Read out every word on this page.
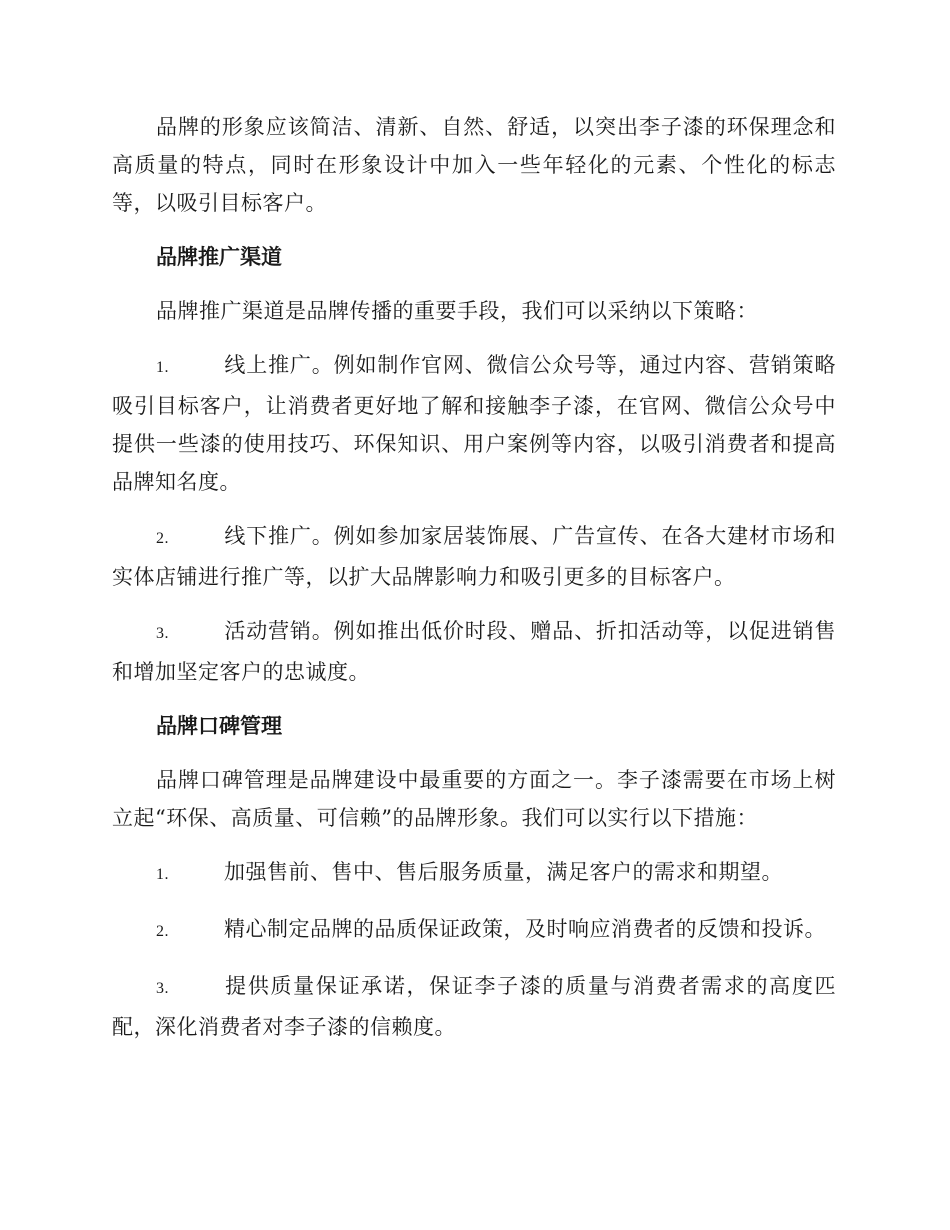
品牌的形象应该简洁、清新、自然、舒适，以突出李子漆的环保理念和高质量的特点，同时在形象设计中加入一些年轻化的元素、个性化的标志等，以吸引目标客户。

品牌推广渠道

品牌推广渠道是品牌传播的重要手段，我们可以采纳以下策略：

1.	线上推广。例如制作官网、微信公众号等，通过内容、营销策略吸引目标客户，让消费者更好地了解和接触李子漆，在官网、微信公众号中提供一些漆的使用技巧、环保知识、用户案例等内容，以吸引消费者和提高品牌知名度。

2.	线下推广。例如参加家居装饰展、广告宣传、在各大建材市场和实体店铺进行推广等，以扩大品牌影响力和吸引更多的目标客户。

3.	活动营销。例如推出低价时段、赠品、折扣活动等，以促进销售和增加坚定客户的忠诚度。

品牌口碑管理

品牌口碑管理是品牌建设中最重要的方面之一。李子漆需要在市场上树立起“环保、高质量、可信赖”的品牌形象。我们可以实行以下措施：

1.	加强售前、售中、售后服务质量，满足客户的需求和期望。

2.	精心制定品牌的品质保证政策，及时响应消费者的反馈和投诉。

3.	提供质量保证承诺，保证李子漆的质量与消费者需求的高度匹配，深化消费者对李子漆的信赖度。
